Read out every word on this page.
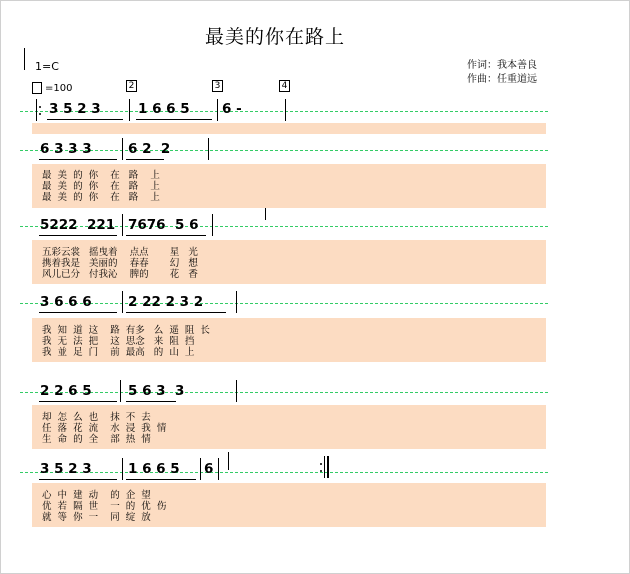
最美的你在路上
作词：我本善良
作曲：任重道远
1=C
=100	2	3	4
3 5 2 3	1 6 6 5 6 -
6 3 3 3	6 2  2
最  美  的  你    在   路    上
最  美  的  你    在   路    上
最  美  的  你    在   路    上
5222  221 7676  5 6
五彩云裳   摇曳着    点点       星   光
携着我是   美丽的    春春       幻   想
风儿已分   付我沁    脾的       花   香
3 6 6 6	2 22 2 3 2
我  知  道  这    路  有多   么  遥  阻  长
我  无  法  把    这  思念   来  阻  挡
我  並  足  门    前  最高   的  山  上
2 2 6 5	5 6 3  3
却  怎  么  也    抹  不  去
任  落  花  流    水  浸  我  情
生  命  的  全    部  热  情
3 5 2 3	1 6 6 5 6
心  中  建  动    的  企  望
优  若  隔  世    一  的  优  伤
就  等  你  一    同  绽  放
